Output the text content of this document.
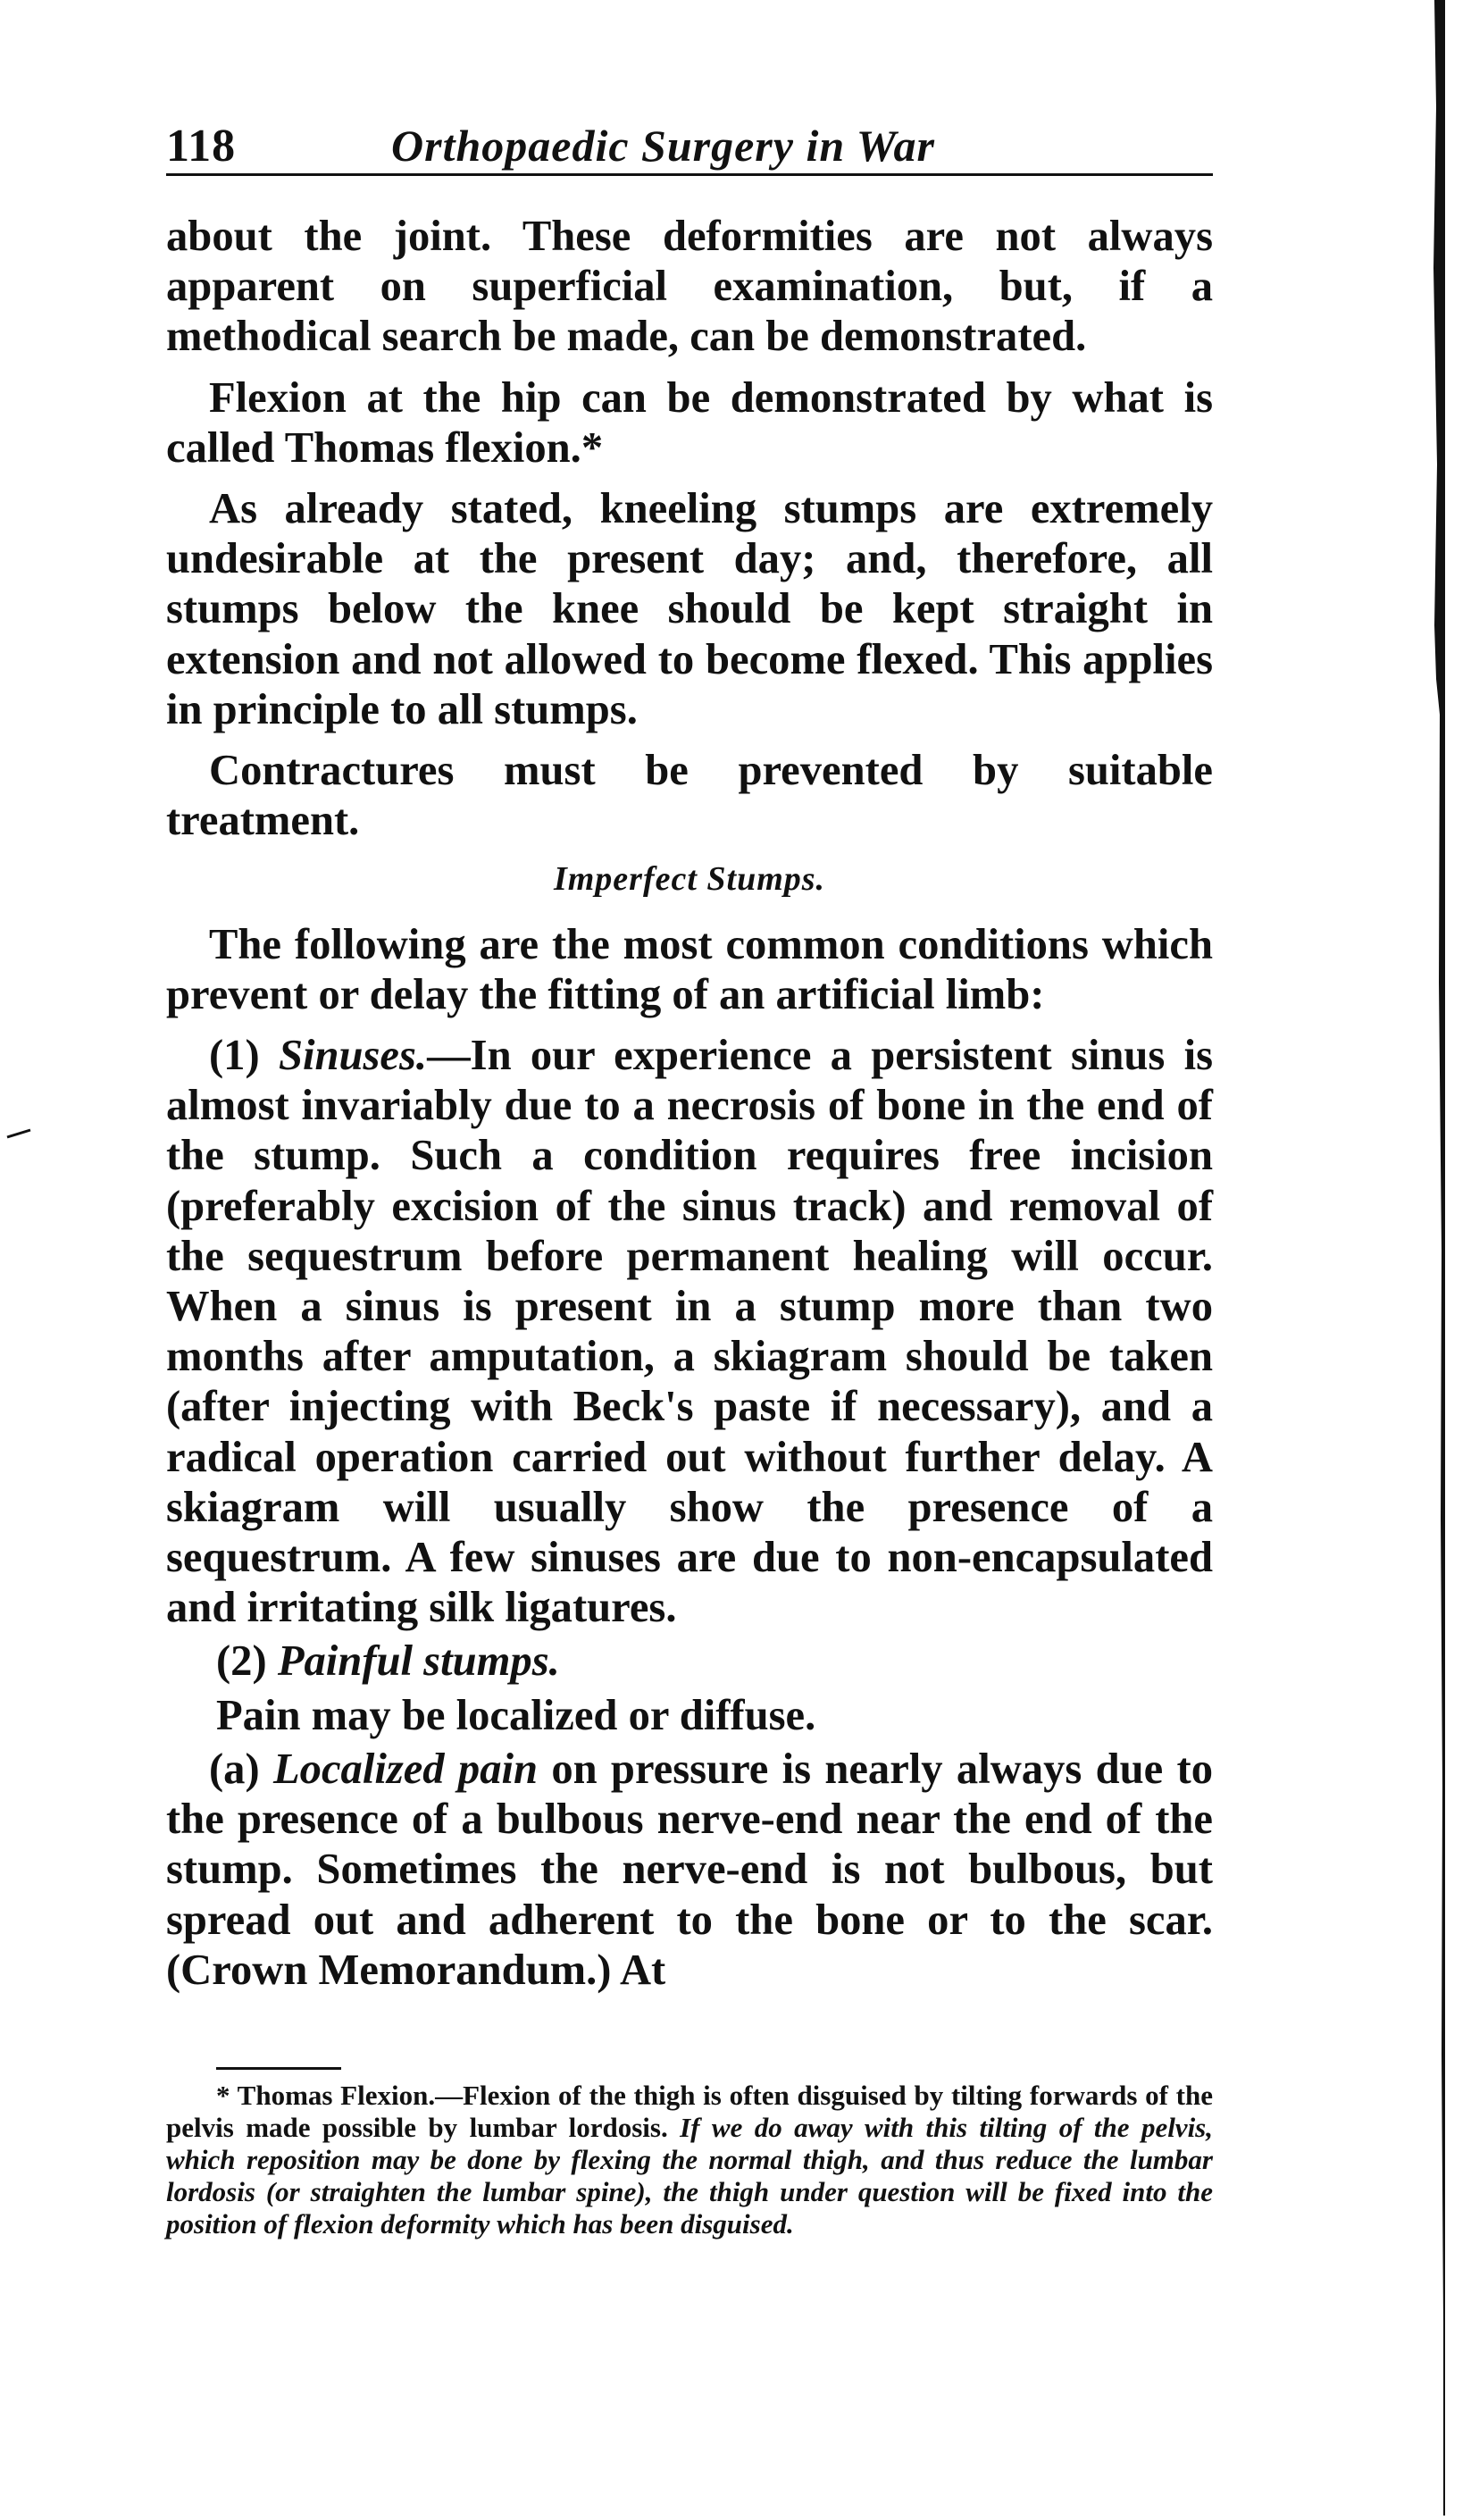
118	Orthopaedic Surgery in War

about the joint. These deformities are not always apparent on superficial examination, but, if a methodical search be made, can be demonstrated.

Flexion at the hip can be demonstrated by what is called Thomas flexion.*

As already stated, kneeling stumps are extremely undesirable at the present day; and, therefore, all stumps below the knee should be kept straight in extension and not allowed to become flexed. This applies in principle to all stumps.

Contractures must be prevented by suitable treatment.

Imperfect Stumps.

The following are the most common conditions which prevent or delay the fitting of an artificial limb:

(1) Sinuses.—In our experience a persistent sinus is almost invariably due to a necrosis of bone in the end of the stump. Such a condition requires free incision (preferably excision of the sinus track) and removal of the sequestrum before permanent healing will occur. When a sinus is present in a stump more than two months after amputation, a skiagram should be taken (after injecting with Beck's paste if necessary), and a radical operation carried out without further delay. A skiagram will usually show the presence of a sequestrum. A few sinuses are due to non-encapsulated and irritating silk ligatures.

(2) Painful stumps.

Pain may be localized or diffuse.

(a) Localized pain on pressure is nearly always due to the presence of a bulbous nerve-end near the end of the stump. Sometimes the nerve-end is not bulbous, but spread out and adherent to the bone or to the scar. (Crown Memorandum.) At

* Thomas Flexion.—Flexion of the thigh is often disguised by tilting forwards of the pelvis made possible by lumbar lordosis. If we do away with this tilting of the pelvis, which reposition may be done by flexing the normal thigh, and thus reduce the lumbar lordosis (or straighten the lumbar spine), the thigh under question will be fixed into the position of flexion deformity which has been disguised.
